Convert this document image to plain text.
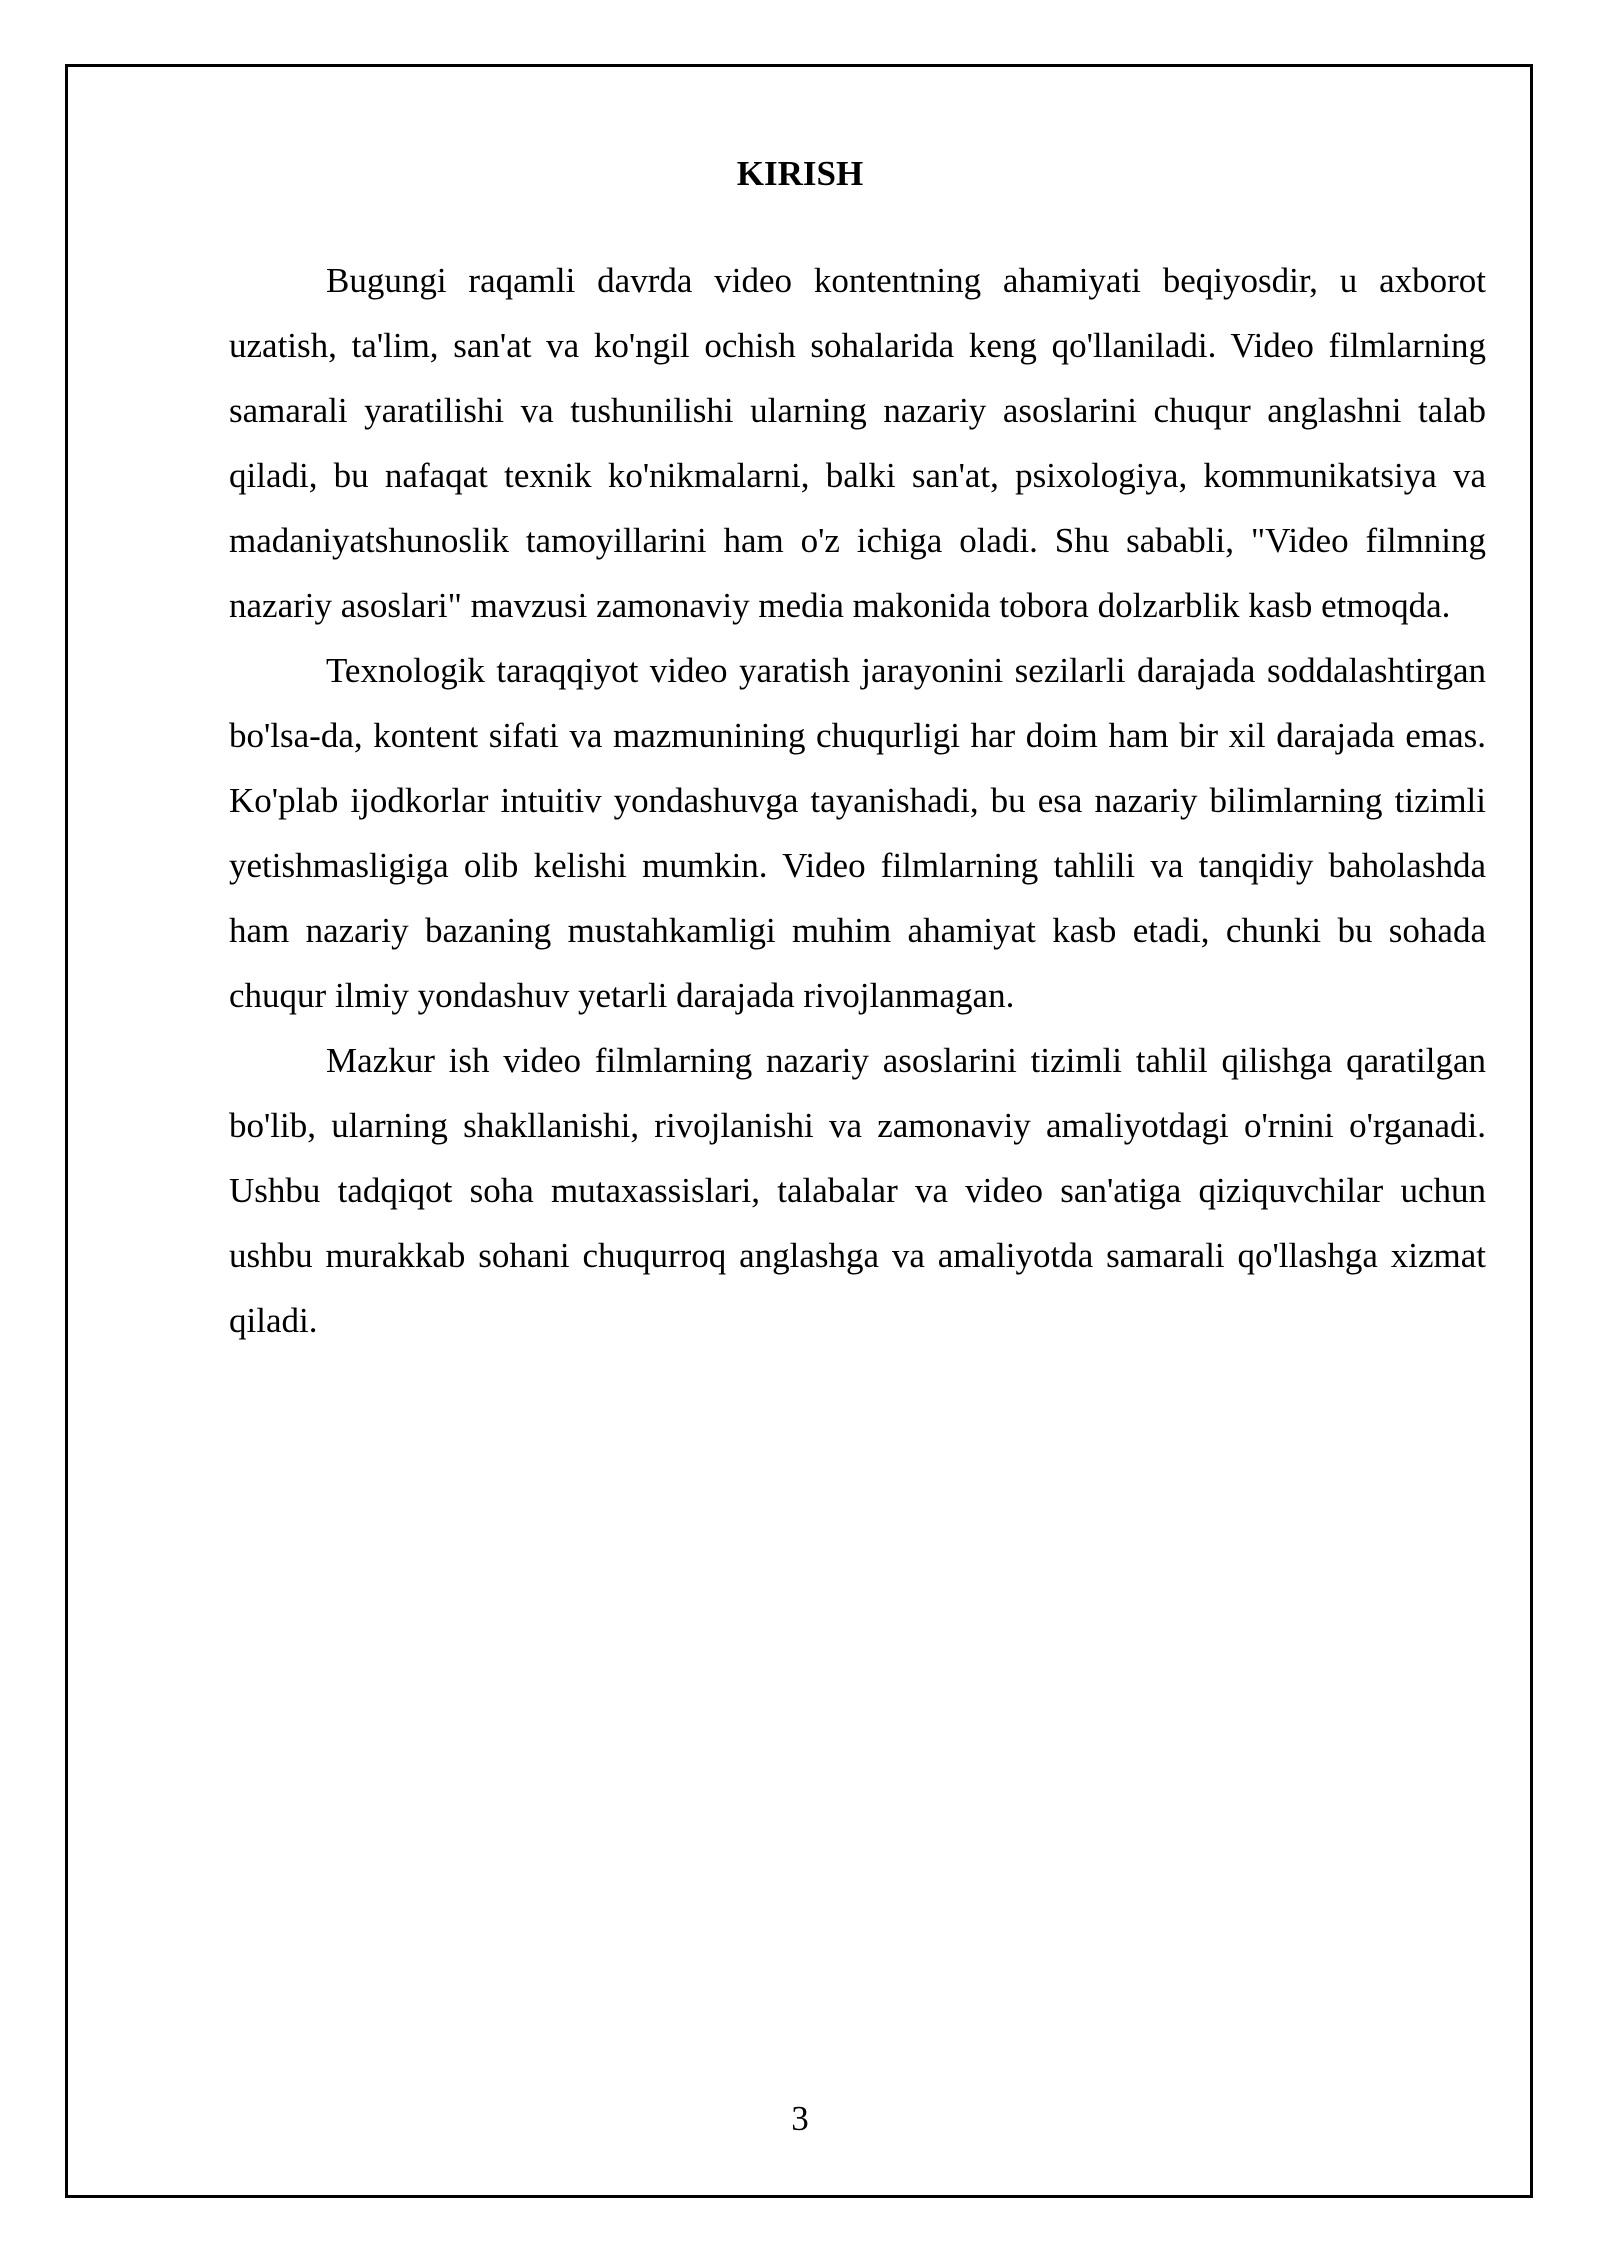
KIRISH

Bugungi raqamli davrda video kontentning ahamiyati beqiyosdir, u axborot uzatish, ta'lim, san'at va ko'ngil ochish sohalarida keng qo'llaniladi. Video filmlarning samarali yaratilishi va tushunilishi ularning nazariy asoslarini chuqur anglashni talab qiladi, bu nafaqat texnik ko'nikmalarni, balki san'at, psixologiya, kommunikatsiya va madaniyatshunoslik tamoyillarini ham o'z ichiga oladi. Shu sababli, "Video filmning nazariy asoslari" mavzusi zamonaviy media makonida tobora dolzarblik kasb etmoqda.

Texnologik taraqqiyot video yaratish jarayonini sezilarli darajada soddalashtirgan bo'lsa-da, kontent sifati va mazmunining chuqurligi har doim ham bir xil darajada emas. Ko'plab ijodkorlar intuitiv yondashuvga tayanishadi, bu esa nazariy bilimlarning tizimli yetishmasligiga olib kelishi mumkin. Video filmlarning tahlili va tanqidiy baholashda ham nazariy bazaning mustahkamligi muhim ahamiyat kasb etadi, chunki bu sohada chuqur ilmiy yondashuv yetarli darajada rivojlanmagan.

Mazkur ish video filmlarning nazariy asoslarini tizimli tahlil qilishga qaratilgan bo'lib, ularning shakllanishi, rivojlanishi va zamonaviy amaliyotdagi o'rnini o'rganadi. Ushbu tadqiqot soha mutaxassislari, talabalar va video san'atiga qiziquvchilar uchun ushbu murakkab sohani chuqurroq anglashga va amaliyotda samarali qo'llashga xizmat qiladi.

3
